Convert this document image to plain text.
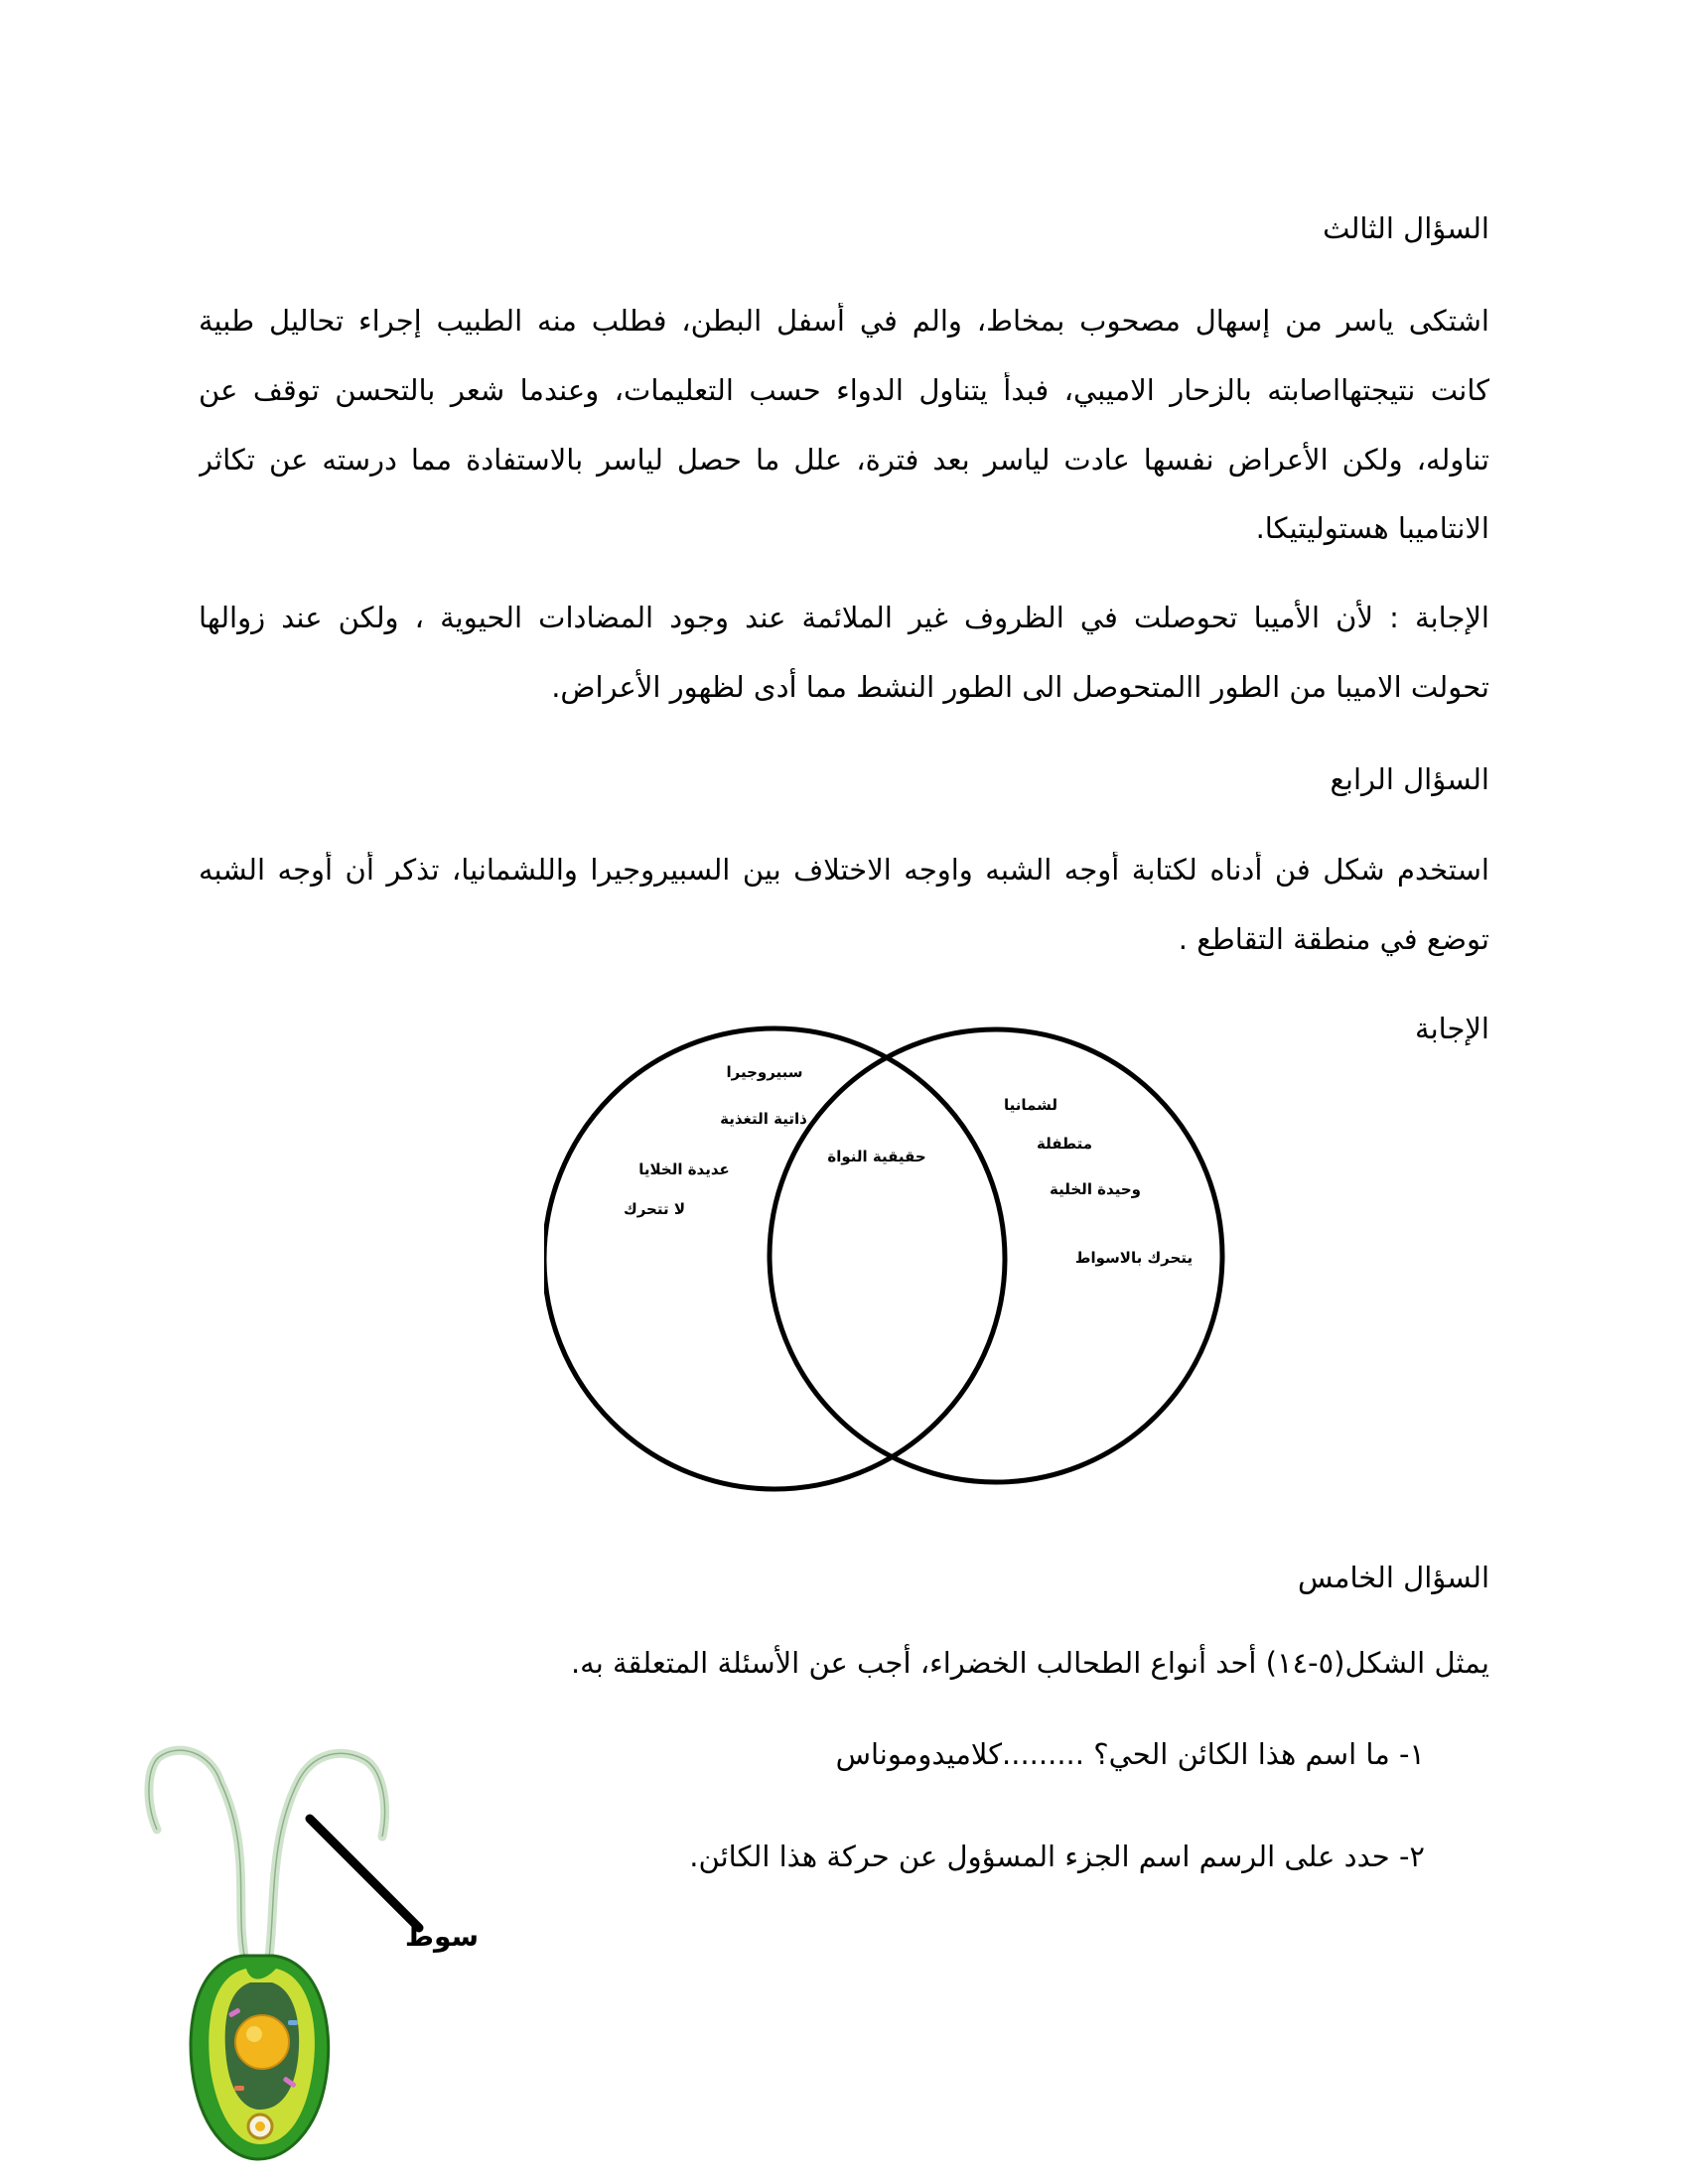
السؤال الثالث
اشتكى ياسر من إسهال مصحوب بمخاط، والم في أسفل البطن، فطلب منه الطبيب إجراء تحاليل طبية
كانت نتيجتهااصابته بالزحار الاميبي، فبدأ يتناول الدواء حسب التعليمات، وعندما شعر بالتحسن توقف عن
تناوله، ولكن الأعراض نفسها عادت لياسر بعد فترة، علل ما حصل لياسر بالاستفادة مما درسته عن تكاثر
الانتاميبا هستوليتيكا.
الإجابة : لأن الأميبا تحوصلت في الظروف غير الملائمة عند وجود المضادات الحيوية ، ولكن عند زوالها
تحولت الاميبا من الطور االمتحوصل الى الطور النشط مما أدى لظهور الأعراض.
السؤال الرابع
استخدم شكل فن أدناه لكتابة أوجه الشبه واوجه الاختلاف بين السبيروجيرا واللشمانيا، تذكر أن أوجه الشبه
توضع في منطقة التقاطع .
الإجابة
سبيروجيرا
ذاتية التغذية
عديدة الخلايا
لا تتحرك
حقيقية النواة
لشمانيا
متطفلة
وحيدة الخلية
يتحرك بالاسواط
السؤال الخامس
يمثل الشكل(٥-١٤) أحد أنواع الطحالب الخضراء، أجب عن الأسئلة المتعلقة به.
١- ما اسم هذا الكائن الحي؟ .........كلاميدوموناس
٢- حدد على الرسم اسم الجزء المسؤول عن حركة هذا الكائن.
سوط
